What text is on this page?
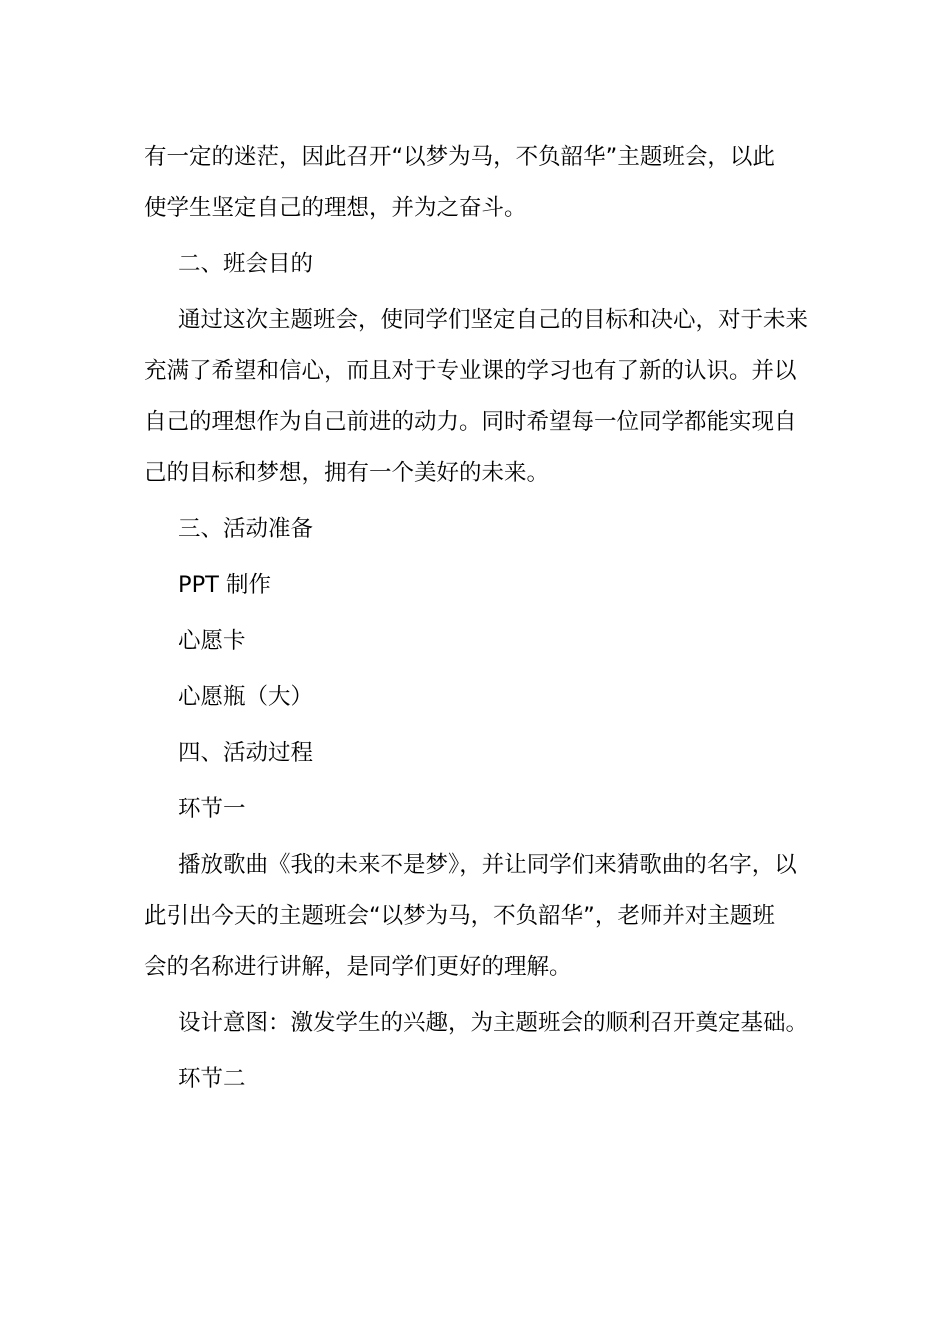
有一定的迷茫，因此召开“以梦为马，不负韶华”主题班会，以此

使学生坚定自己的理想，并为之奋斗。

二、班会目的

通过这次主题班会，使同学们坚定自己的目标和决心，对于未来

充满了希望和信心，而且对于专业课的学习也有了新的认识。并以

自己的理想作为自己前进的动力。同时希望每一位同学都能实现自

己的目标和梦想，拥有一个美好的未来。

三、活动准备

PPT 制作

心愿卡

心愿瓶（大）

四、活动过程

环节一

播放歌曲《我的未来不是梦》，并让同学们来猜歌曲的名字，以

此引出今天的主题班会“以梦为马，不负韶华”，老师并对主题班

会的名称进行讲解，是同学们更好的理解。

设计意图：激发学生的兴趣，为主题班会的顺利召开奠定基础。

环节二
